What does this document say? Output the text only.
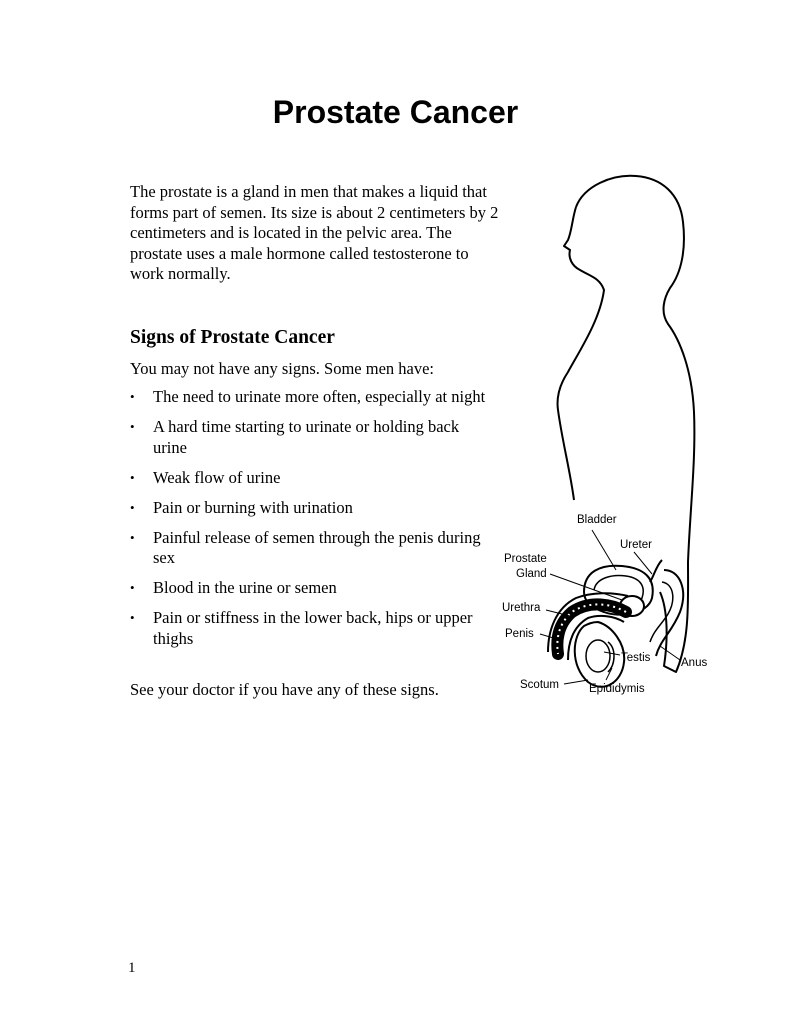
Prostate Cancer

The prostate is a gland in men that makes a liquid that forms part of semen. Its size is about 2 centimeters by 2 centimeters and is located in the pelvic area. The prostate uses a male hormone called testosterone to work normally.

Signs of Prostate Cancer

You may not have any signs. Some men have:

• The need to urinate more often, especially at night
• A hard time starting to urinate or holding back urine
• Weak flow of urine
• Pain or burning with urination
• Painful release of semen through the penis during sex
• Blood in the urine or semen
• Pain or stiffness in the lower back, hips or upper thighs

See your doctor if you have any of these signs.

Bladder
Ureter
Prostate
Gland
Urethra
Penis
Testis	Anus
Scotum	Epididymis
1
